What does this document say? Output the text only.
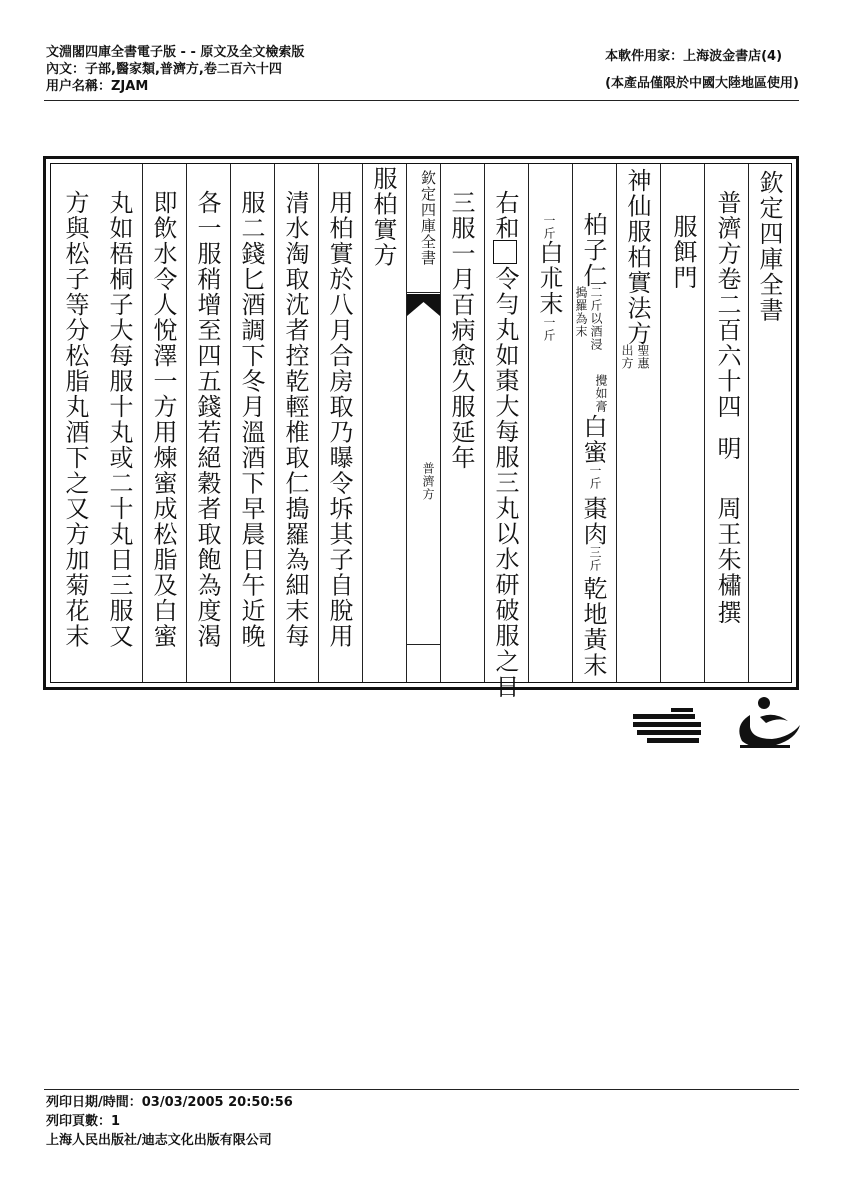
文淵閣四庫全書電子版 - - 原文及全文檢索版
內文：子部,醫家類,普濟方,卷二百六十四
用户名稱：ZJAM
本軟件用家：上海波金書店(4)
(本產品僅限於中國大陸地區使用)
欽定四庫全書
普濟方卷二百六十四
明
周王朱橚
撰
服餌門
神仙服柏實法方
聖惠
出方
柏子仁
二斤以酒浸
搗羅為末
攪如膏
白蜜
一斤
棗肉
三斤
乾地黃末
一斤
白朮末
一斤
右和
令勻丸如棗大每服三丸以水研破服之日
三服一月百病愈久服延年
欽定四庫全書
普濟方
服柏實方
用柏實於八月合房取乃曝令坼其子自脫用
清水淘取沈者控乾輕椎取仁搗羅為細末每
服二錢匕酒調下冬月溫酒下早晨日午近晚
各一服稍增至四五錢若絕穀者取飽為度渴
即飲水令人悅澤一方用煉蜜成松脂及白蜜
丸如梧桐子大每服十丸或二十丸日三服又
方與松子等分松脂丸酒下之又方加菊花末
列印日期/時間：03/03/2005 20:50:56
列印頁數：1
上海人民出版社/迪志文化出版有限公司
